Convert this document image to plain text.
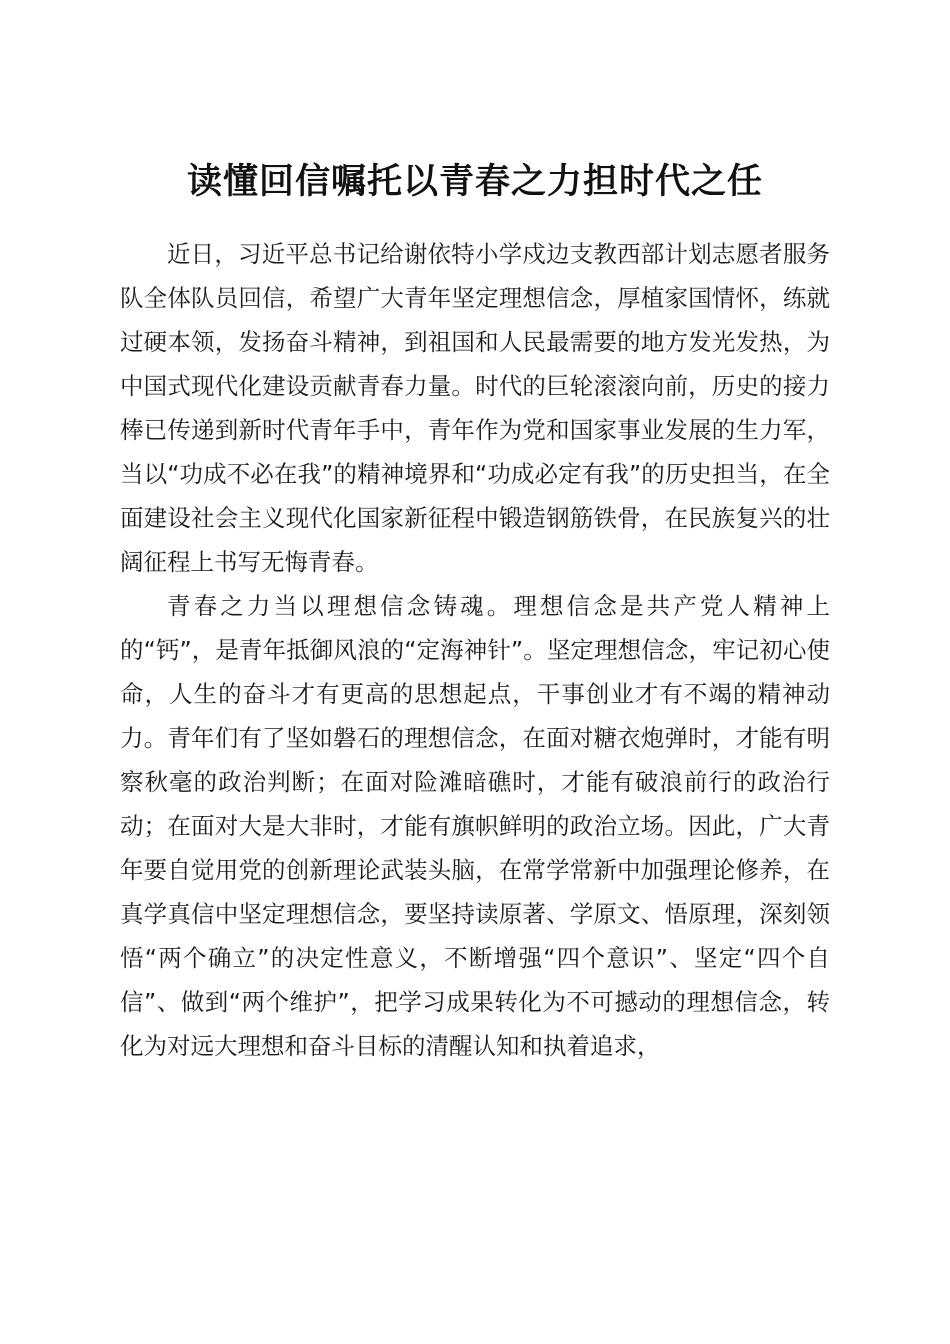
读懂回信嘱托以青春之力担时代之任

近日，习近平总书记给谢依特小学戍边支教西部计划志愿者服务队全体队员回信，希望广大青年坚定理想信念，厚植家国情怀，练就过硬本领，发扬奋斗精神，到祖国和人民最需要的地方发光发热，为中国式现代化建设贡献青春力量。时代的巨轮滚滚向前，历史的接力棒已传递到新时代青年手中，青年作为党和国家事业发展的生力军，当以“功成不必在我”的精神境界和“功成必定有我”的历史担当，在全面建设社会主义现代化国家新征程中锻造钢筋铁骨，在民族复兴的壮阔征程上书写无悔青春。

青春之力当以理想信念铸魂。理想信念是共产党人精神上的“钙”，是青年抵御风浪的“定海神针”。坚定理想信念，牢记初心使命，人生的奋斗才有更高的思想起点，干事创业才有不竭的精神动力。青年们有了坚如磐石的理想信念，在面对糖衣炮弹时，才能有明察秋毫的政治判断；在面对险滩暗礁时，才能有破浪前行的政治行动；在面对大是大非时，才能有旗帜鲜明的政治立场。因此，广大青年要自觉用党的创新理论武装头脑，在常学常新中加强理论修养，在真学真信中坚定理想信念，要坚持读原著、学原文、悟原理，深刻领悟“两个确立”的决定性意义，不断增强“四个意识”、坚定“四个自信”、做到“两个维护”，把学习成果转化为不可撼动的理想信念，转化为对远大理想和奋斗目标的清醒认知和执着追求，
